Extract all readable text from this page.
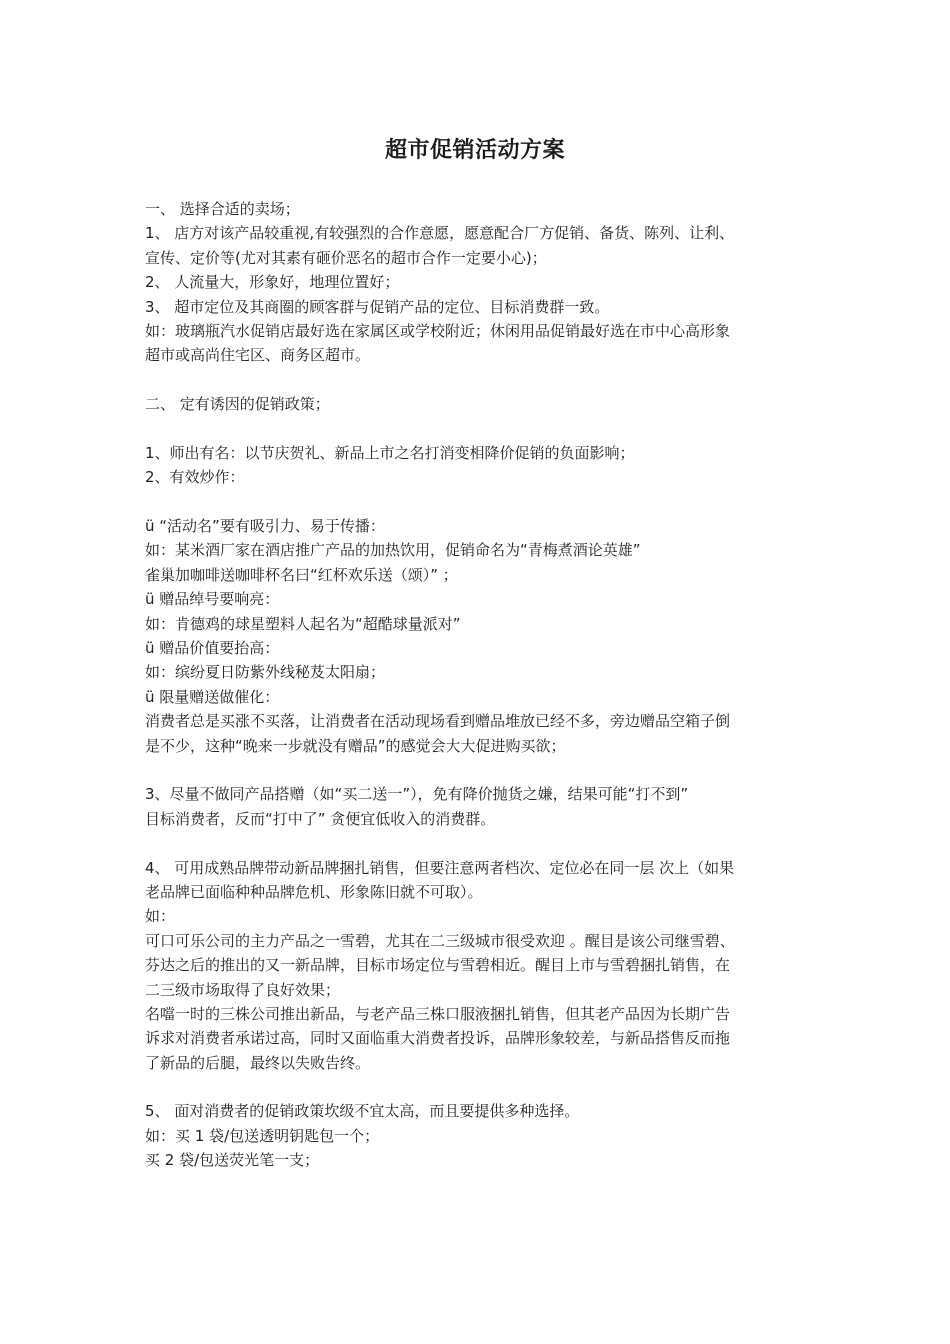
超市促销活动方案
一、 选择合适的卖场；
1、 店方对该产品较重视,有较强烈的合作意愿，愿意配合厂方促销、备货、陈列、让利、
宣传、定价等(尤对其素有砸价恶名的超市合作一定要小心)；
2、 人流量大，形象好，地理位置好；
3、 超市定位及其商圈的顾客群与促销产品的定位、目标消费群一致。
如：玻璃瓶汽水促销店最好选在家属区或学校附近；休闲用品促销最好选在市中心高形象
超市或高尚住宅区、商务区超市。
二、 定有诱因的促销政策；
1、师出有名：以节庆贺礼、新品上市之名打消变相降价促销的负面影响；
2、有效炒作：
ü “活动名”要有吸引力、易于传播：
如：某米酒厂家在酒店推广产品的加热饮用，促销命名为“青梅煮酒论英雄”
雀巢加咖啡送咖啡杯名曰“红杯欢乐送（颂）” ；
ü 赠品绰号要响亮：
如：肯德鸡的球星塑料人起名为“超酷球量派对”
ü 赠品价值要抬高：
如：缤纷夏日防紫外线秘芨太阳扇；
ü 限量赠送做催化：
消费者总是买涨不买落，让消费者在活动现场看到赠品堆放已经不多，旁边赠品空箱子倒
是不少，这种“晚来一步就没有赠品”的感觉会大大促进购买欲；
3、尽量不做同产品搭赠（如“买二送一”），免有降价抛货之嫌，结果可能“打不到”
目标消费者，反而“打中了” 贪便宜低收入的消费群。
4、 可用成熟品牌带动新品牌捆扎销售，但要注意两者档次、定位必在同一层 次上（如果
老品牌已面临种种品牌危机、形象陈旧就不可取）。
如：
可口可乐公司的主力产品之一雪碧，尤其在二三级城市很受欢迎 。醒目是该公司继雪碧、
芬达之后的推出的又一新品牌，目标市场定位与雪碧相近。醒目上市与雪碧捆扎销售，在
二三级市场取得了良好效果；
名噹一时的三株公司推出新品，与老产品三株口服液捆扎销售，但其老产品因为长期广告
诉求对消费者承诺过高，同时又面临重大消费者投诉，品牌形象较差，与新品搭售反而拖
了新品的后腿，最终以失败告终。
5、 面对消费者的促销政策坎级不宜太高，而且要提供多种选择。
如：买 1 袋/包送透明钥匙包一个；
买 2 袋/包送荧光笔一支；
